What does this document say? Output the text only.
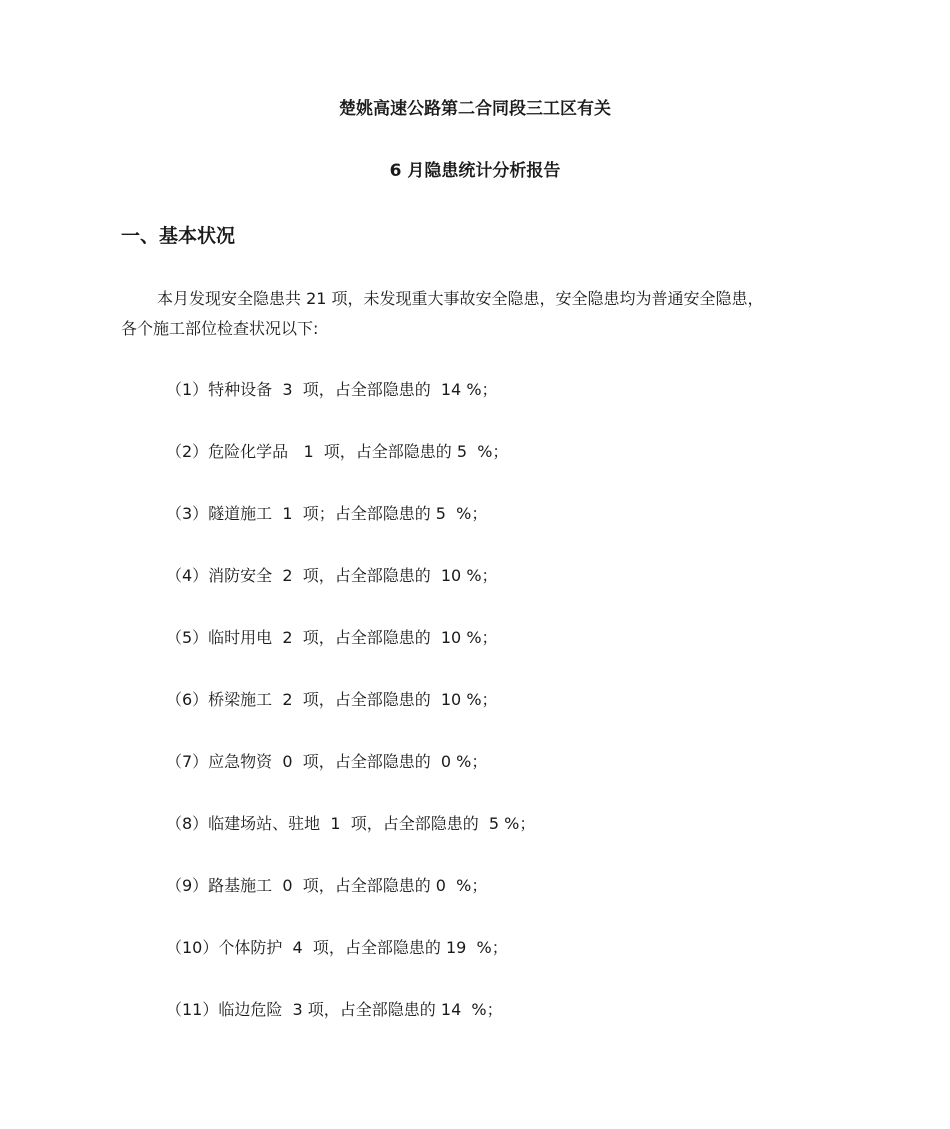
楚姚高速公路第二合同段三工区有关
6 月隐患统计分析报告
一、基本状况
本月发现安全隐患共 21 项，未发现重大事故安全隐患，安全隐患均为普通安全隐患，
各个施工部位检查状况以下:
（1）特种设备  3  项，占全部隐患的  14 %；
（2）危险化学品   1  项，占全部隐患的 5  %；
（3）隧道施工  1  项；占全部隐患的 5  %；
（4）消防安全  2  项，占全部隐患的  10 %；
（5）临时用电  2  项，占全部隐患的  10 %；
（6）桥梁施工  2  项，占全部隐患的  10 %；
（7）应急物资  0  项，占全部隐患的  0 %；
（8）临建场站、驻地  1  项，占全部隐患的  5 %；
（9）路基施工  0  项，占全部隐患的 0  %；
（10）个体防护  4  项，占全部隐患的 19  %；
（11）临边危险  3 项，占全部隐患的 14  %；
